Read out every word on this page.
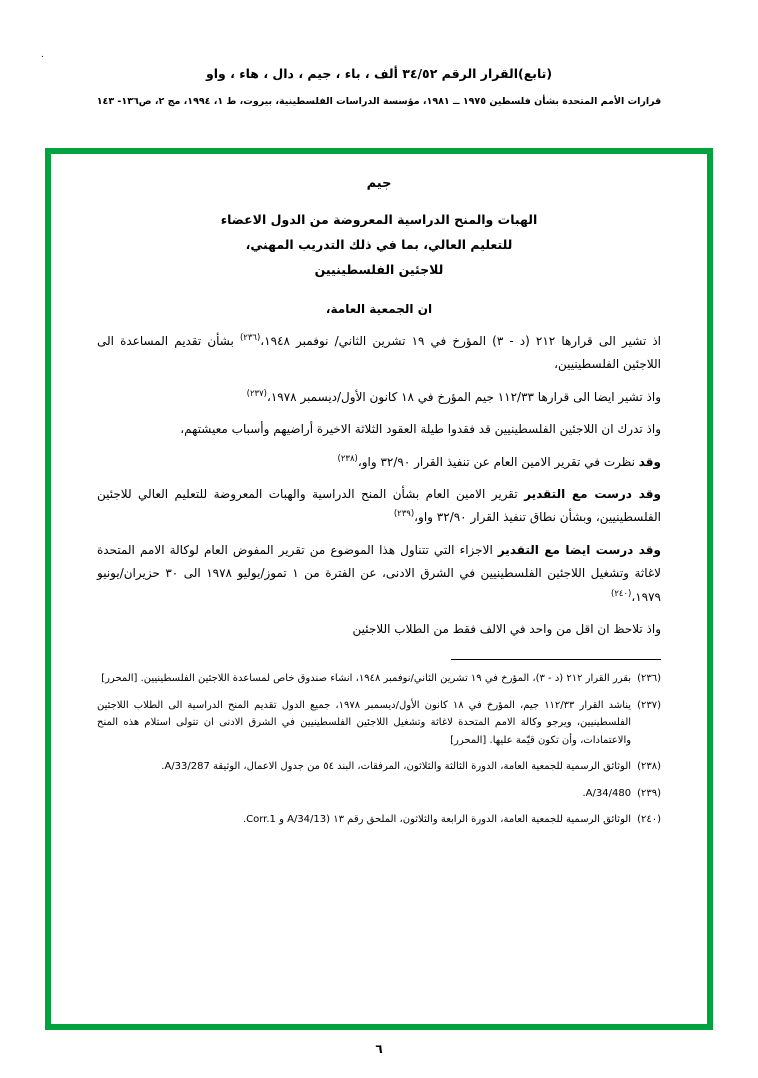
٠
(تابع)القرار الرقم ٣٤/٥٢ ألف ، باء ، جيم ، دال ، هاء ، واو
قرارات الأمم المتحدة بشأن فلسطين ١٩٧٥ ــ ١٩٨١، مؤسسة الدراسات الفلسطينية، بيروت، ط ١، ١٩٩٤، مج ٢، ص١٣٦- ١٤٣
جيم
الهبات والمنح الدراسية المعروضة من الدول الاعضاء
للتعليم العالي، بما في ذلك التدريب المهني،
للاجئين الفلسطينيين
ان الجمعية العامة،
اذ تشير الى قرارها ٢١٢ (د - ٣) المؤرخ في ١٩ تشرين الثاني/ نوفمبر ١٩٤٨،$^{(٢٣٦)}$ بشأن تقديم المساعدة الى اللاجئين الفلسطينيين،
واذ تشير ايضا الى قرارها ١١٢/٣٣ جيم المؤرخ في ١٨ كانون الأول/ديسمبر ١٩٧٨،$^{(٢٣٧)}$
واذ تدرك ان اللاجئين الفلسطينيين قد فقدوا طيلة العقود الثلاثة الاخيرة أراضيهم وأسباب معيشتهم،
وقد نظرت في تقرير الامين العام عن تنفيذ القرار ٣٢/٩٠ واو،$^{(٢٣٨)}$
وقد درست مع التقدير تقرير الامين العام بشأن المنح الدراسية والهبات المعروضة للتعليم العالي للاجئين الفلسطينيين، وبشأن نطاق تنفيذ القرار ٣٢/٩٠ واو،$^{(٢٣٩)}$
وقد درست ايضا مع التقدير الاجزاء التي تتناول هذا الموضوع من تقرير المفوض العام لوكالة الامم المتحدة لاغاثة وتشغيل اللاجئين الفلسطينيين في الشرق الادنى، عن الفترة من ١ تموز/يوليو ١٩٧٨ الى ٣٠ حزيران/يونيو ١٩٧٩،$^{(٢٤٠)}$
واذ تلاحظ ان اقل من واحد في الالف فقط من الطلاب اللاجئين
(٢٣٦)
بقرر القرار ٢١٢ (د - ٣)، المؤرخ في ١٩ تشرين الثاني/نوفمبر ١٩٤٨، انشاء صندوق خاص لمساعدة اللاجئين الفلسطينيين. [المحرر]
(٢٣٧)
يناشد القرار ١١٢/٣٣ جيم، المؤرخ في ١٨ كانون الأول/ديسمبر ١٩٧٨، جميع الدول تقديم المنح الدراسية الى الطلاب اللاجئين الفلسطينيين، ويرجو وكالة الامم المتحدة لاغاثة وتشغيل اللاجئين الفلسطينيين في الشرق الادنى ان تتولى استلام هذه المنح والاعتمادات، وأن تكون قيّمة عليها. [المحرر]
(٢٣٨)
الوثائق الرسمية للجمعية العامة، الدورة الثالثة والثلاثون، المرفقات، البند ٥٤ من جدول الاعمال، الوثيقة A/33/287.
(٢٣٩)
A/34/480.
(٢٤٠)
الوثائق الرسمية للجمعية العامة، الدورة الرابعة والثلاثون، الملحق رقم ١٣ (A/34/13 و Corr.1.
٦
